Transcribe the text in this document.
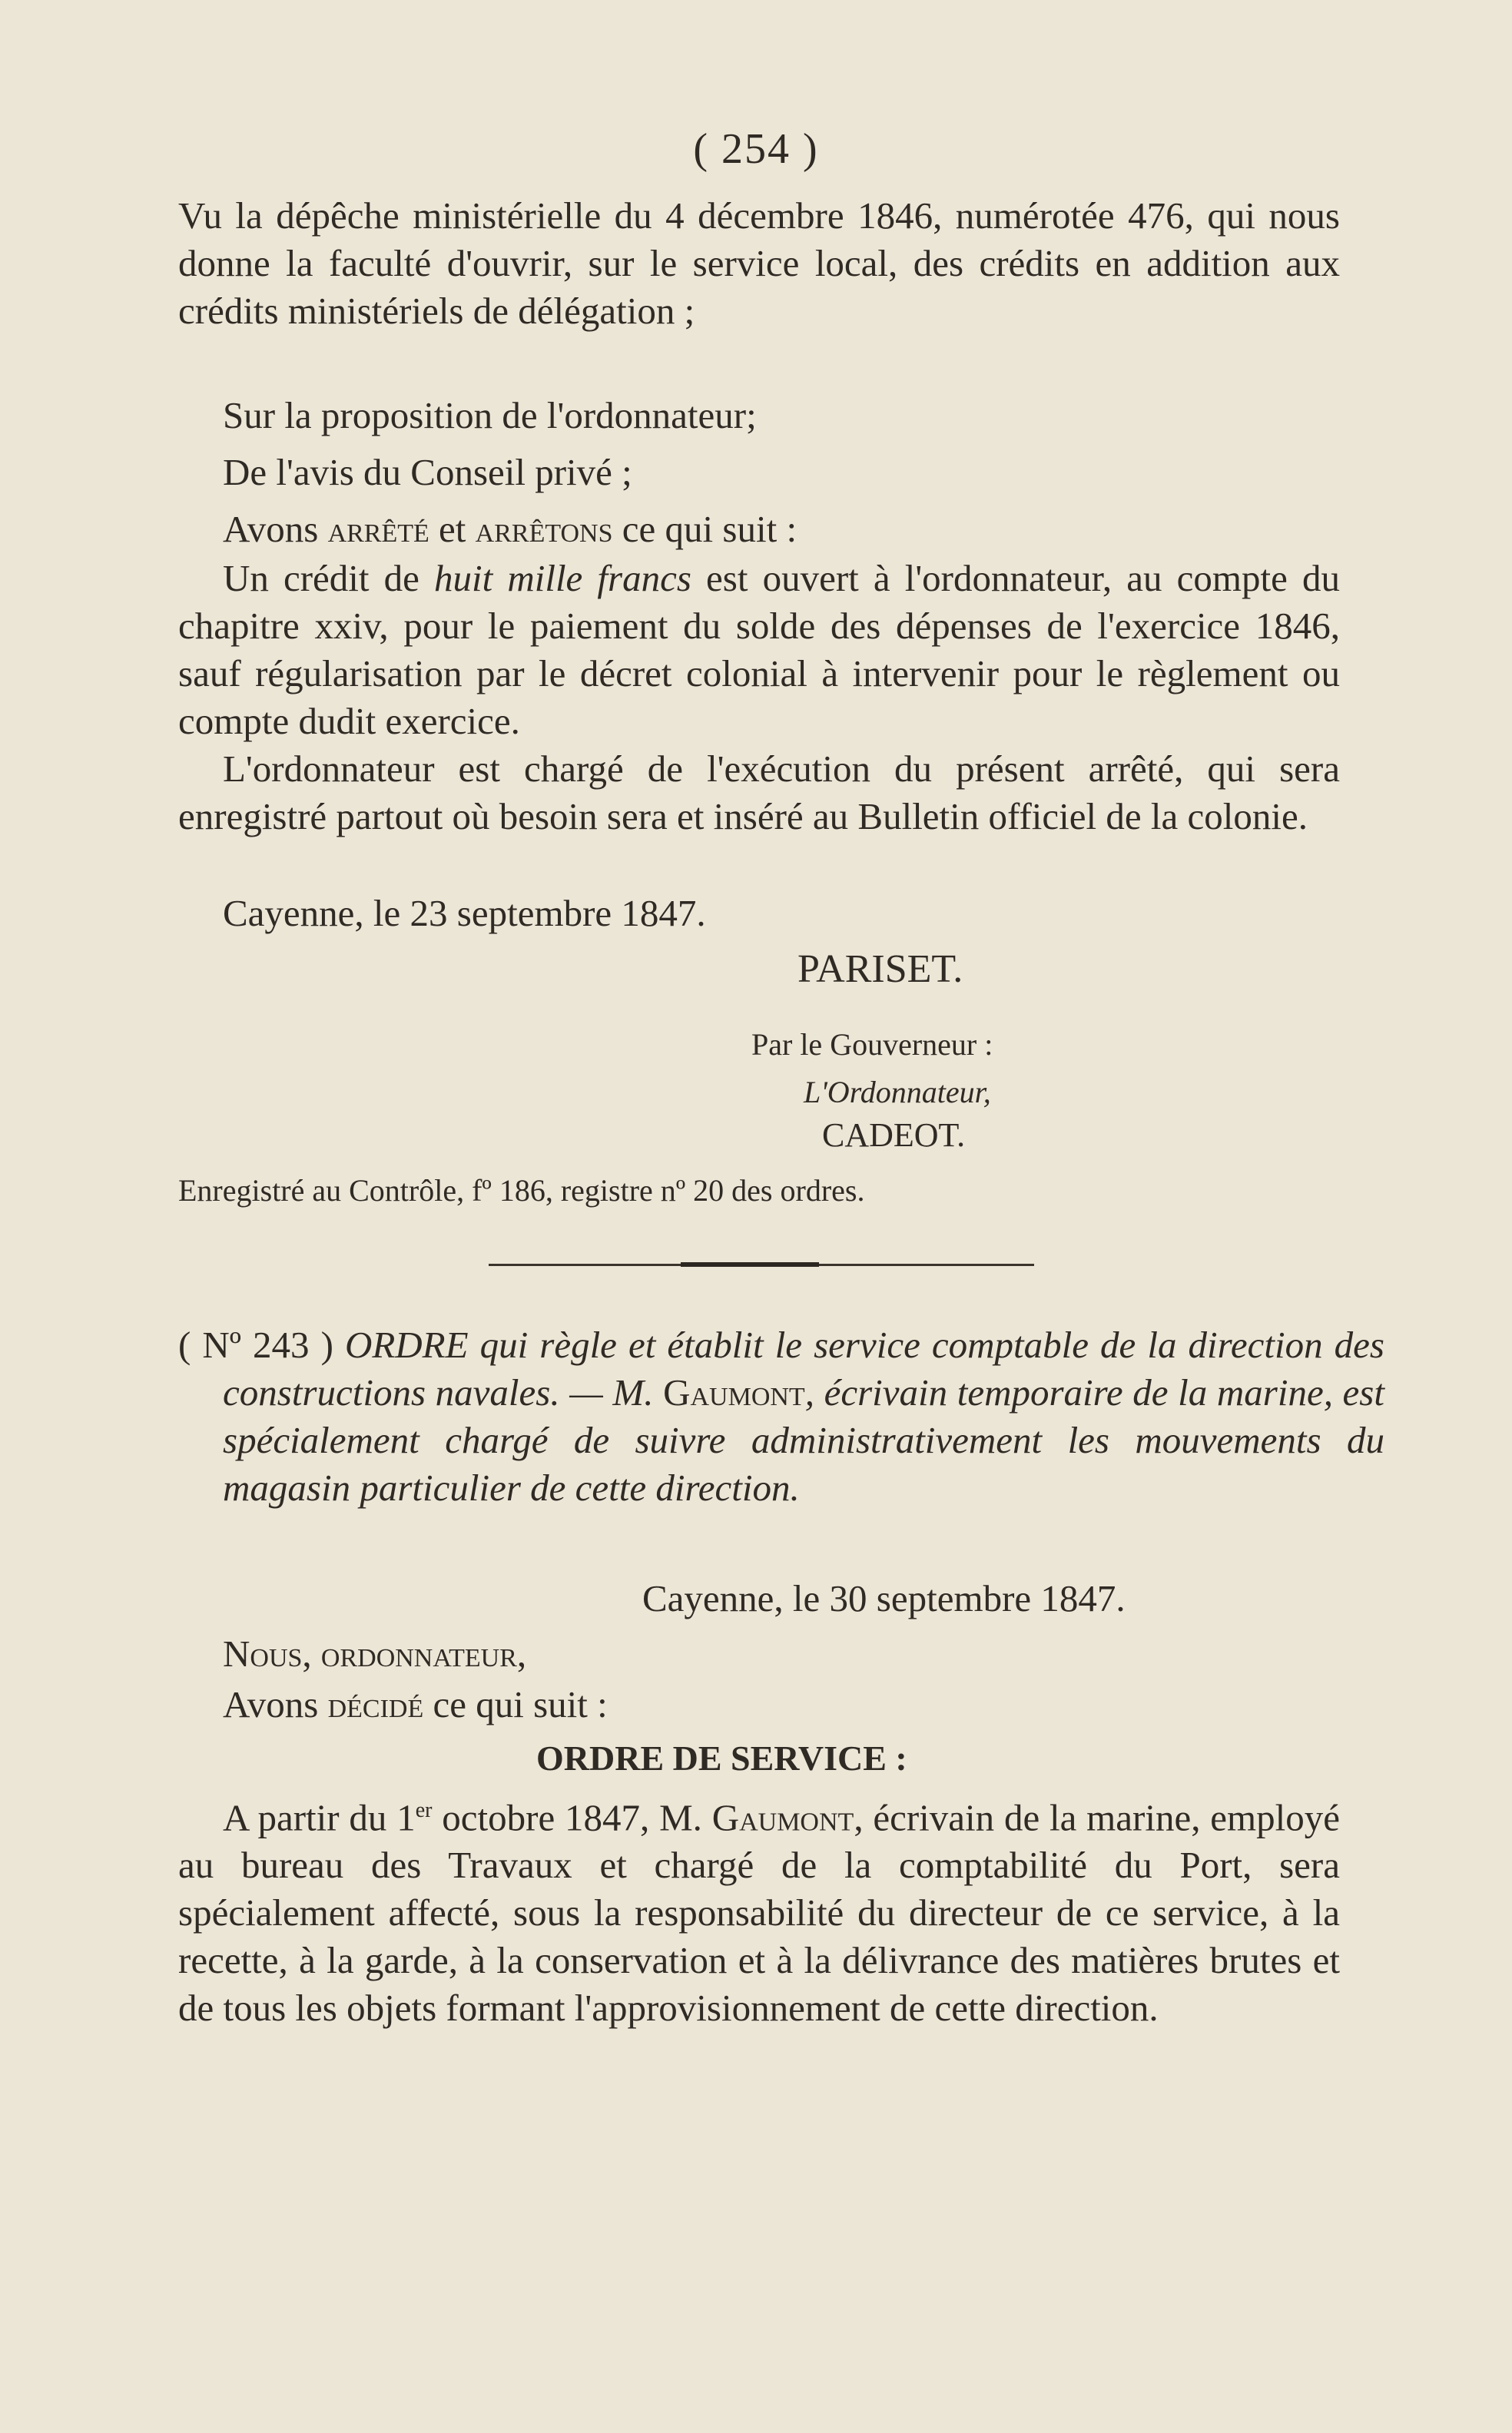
( 254 )
Vu la dépêche ministérielle du 4 décembre 1846, numérotée 476, qui nous donne la faculté d'ouvrir, sur le service local, des crédits en addition aux crédits ministériels de délégation ;
Sur la proposition de l'ordonnateur;
De l'avis du Conseil privé ;
Avons arrêté et arrêtons ce qui suit :
Un crédit de huit mille francs est ouvert à l'ordonnateur, au compte du chapitre xxiv, pour le paiement du solde des dépenses de l'exercice 1846, sauf régularisation par le décret colonial à intervenir pour le règlement ou compte dudit exercice.
L'ordonnateur est chargé de l'exécution du présent arrêté, qui sera enregistré partout où besoin sera et inséré au Bulletin officiel de la colonie.
Cayenne, le 23 septembre 1847.
PARISET.
Par le Gouverneur :
L'Ordonnateur,
CADEOT.
Enregistré au Contrôle, fº 186, registre nº 20 des ordres.
( Nº 243 ) ORDRE qui règle et établit le service comptable de la direction des constructions navales. — M. Gaumont, écrivain temporaire de la marine, est spécialement chargé de suivre administrativement les mouvements du magasin particulier de cette direction.
Cayenne, le 30 septembre 1847.
Nous, ordonnateur,
Avons décidé ce qui suit :
ORDRE DE SERVICE :
A partir du 1er octobre 1847, M. Gaumont, écrivain de la marine, employé au bureau des Travaux et chargé de la comptabilité du Port, sera spécialement affecté, sous la responsabilité du directeur de ce service, à la recette, à la garde, à la conservation et à la délivrance des matières brutes et de tous les objets formant l'approvisionnement de cette direction.
